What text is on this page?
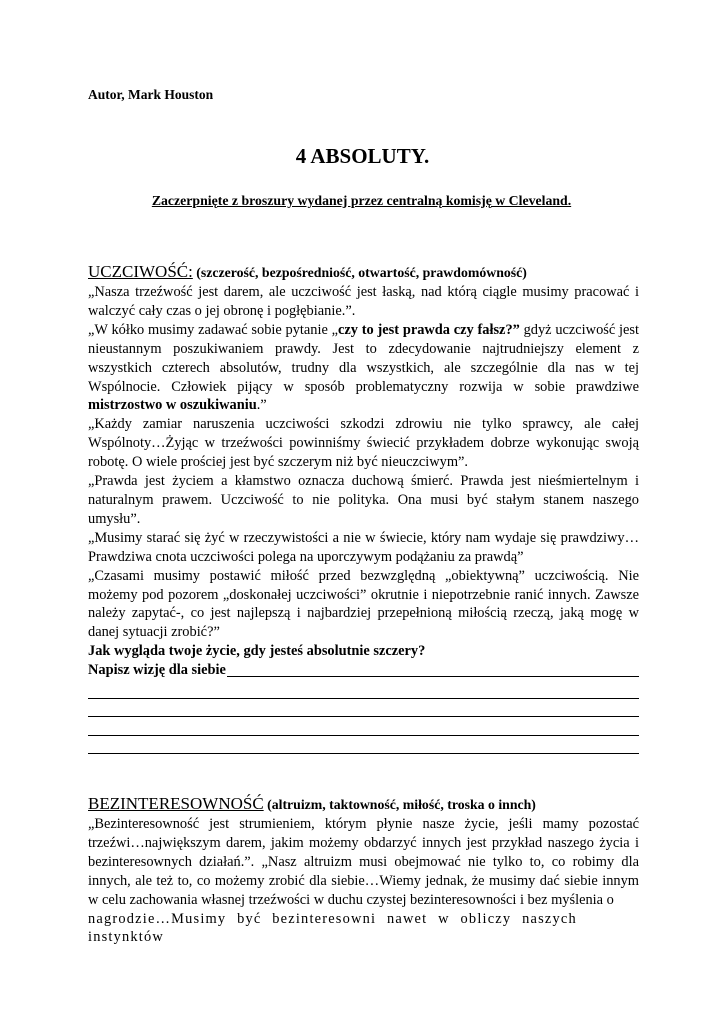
Autor, Mark Houston
4 ABSOLUTY.
Zaczerpnięte z broszury wydanej przez centralną komisję w Cleveland.
UCZCIWOŚĆ: (szczerość, bezpośredniość, otwartość, prawdomówność)

„Nasza trzeźwość jest darem, ale uczciwość jest łaską, nad którą ciągle musimy pracować i walczyć cały czas o jej obronę i pogłębianie.”.

„W kółko musimy zadawać sobie pytanie „czy to jest prawda czy fałsz?” gdyż uczciwość jest nieustannym poszukiwaniem prawdy. Jest to zdecydowanie najtrudniejszy element z wszystkich czterech absolutów, trudny dla wszystkich, ale szczególnie dla nas w tej Wspólnocie. Człowiek pijący w sposób problematyczny rozwija w sobie prawdziwe mistrzostwo w oszukiwaniu.”

„Każdy zamiar naruszenia uczciwości szkodzi zdrowiu nie tylko sprawcy, ale całej Wspólnoty…Żyjąc w trzeźwości powinniśmy świecić przykładem dobrze wykonując swoją robotę. O wiele prościej jest być szczerym niż być nieuczciwym”.

„Prawda jest życiem a kłamstwo oznacza duchową śmierć. Prawda jest nieśmiertelnym i naturalnym prawem. Uczciwość to nie polityka. Ona musi być stałym stanem naszego umysłu”.

„Musimy starać się żyć w rzeczywistości a nie w świecie, który nam wydaje się prawdziwy… Prawdziwa cnota uczciwości polega na uporczywym podążaniu za prawdą”

„Czasami musimy postawić miłość przed bezwzględną „obiektywną” uczciwością. Nie możemy pod pozorem „doskonałej uczciwości” okrutnie i niepotrzebnie ranić innych. Zawsze należy zapytać-, co jest najlepszą i najbardziej przepełnioną miłością rzeczą, jaką mogę w danej sytuacji zrobić?”

Jak wygląda twoje życie, gdy jesteś absolutnie szczery?

Napisz wizję dla siebie
BEZINTERESOWNOŚĆ (altruizm, taktowność, miłość, troska o innch)

„Bezinteresowność jest strumieniem, którym płynie nasze życie, jeśli mamy pozostać trzeźwi…największym darem, jakim możemy obdarzyć innych jest przykład naszego życia i bezinteresownych działań.”. „Nasz altruizm musi obejmować nie tylko to, co robimy dla innych, ale też to, co możemy zrobić dla siebie…Wiemy jednak, że musimy dać siebie innym w celu zachowania własnej trzeźwości w duchu czystej bezinteresowności i bez myślenia o

nagrodzie…Musimy być bezinteresowni nawet w obliczy naszych instynktów
